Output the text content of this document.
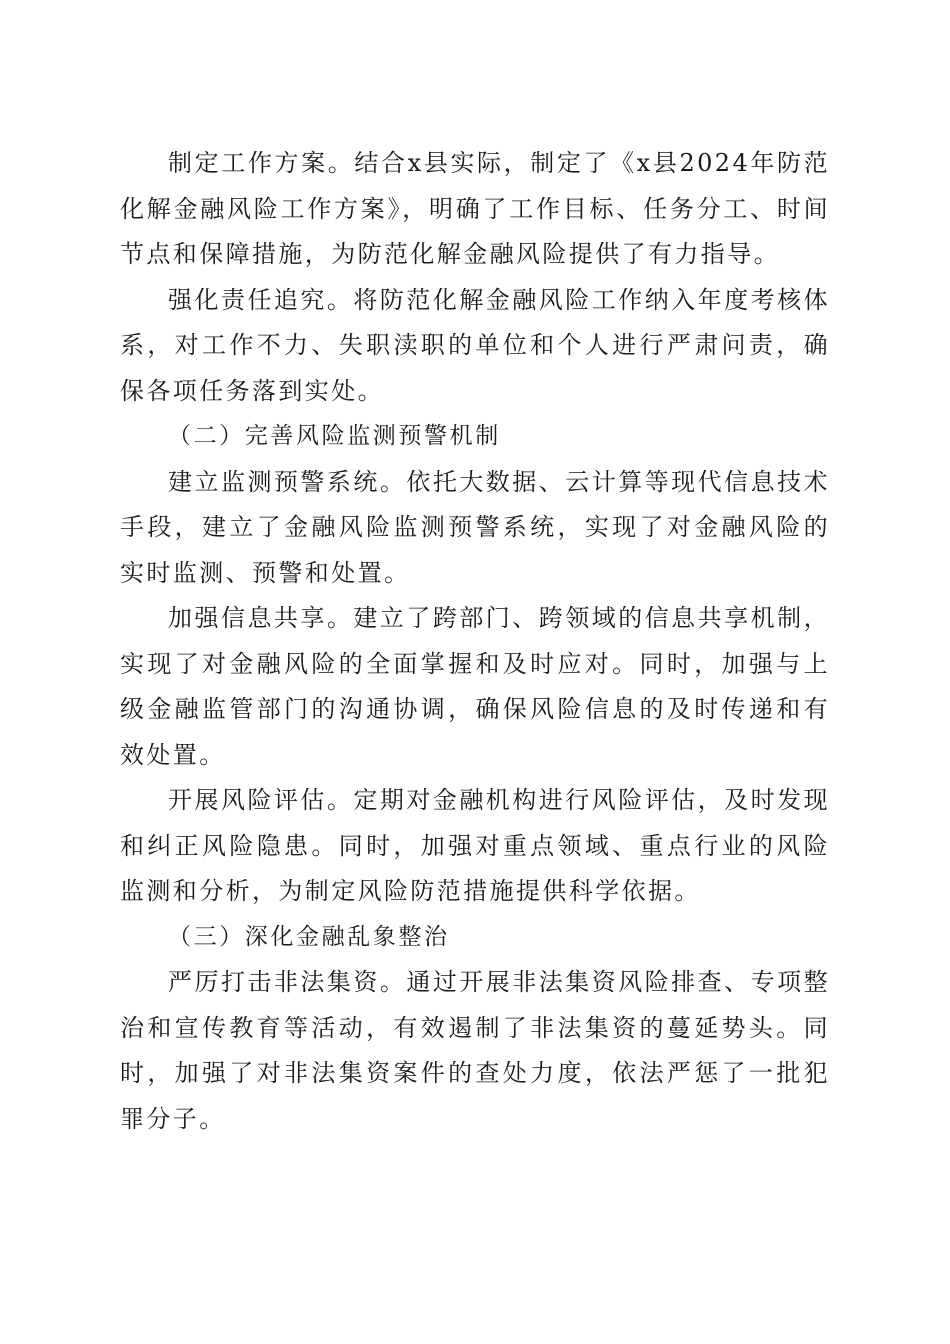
制定工作方案。结合x县实际，制定了《x县2024年防范化解金融风险工作方案》，明确了工作目标、任务分工、时间节点和保障措施，为防范化解金融风险提供了有力指导。

强化责任追究。将防范化解金融风险工作纳入年度考核体系，对工作不力、失职渎职的单位和个人进行严肃问责，确保各项任务落到实处。

（二）完善风险监测预警机制

建立监测预警系统。依托大数据、云计算等现代信息技术手段，建立了金融风险监测预警系统，实现了对金融风险的实时监测、预警和处置。

加强信息共享。建立了跨部门、跨领域的信息共享机制，实现了对金融风险的全面掌握和及时应对。同时，加强与上级金融监管部门的沟通协调，确保风险信息的及时传递和有效处置。

开展风险评估。定期对金融机构进行风险评估，及时发现和纠正风险隐患。同时，加强对重点领域、重点行业的风险监测和分析，为制定风险防范措施提供科学依据。

（三）深化金融乱象整治

严厉打击非法集资。通过开展非法集资风险排查、专项整治和宣传教育等活动，有效遏制了非法集资的蔓延势头。同时，加强了对非法集资案件的查处力度，依法严惩了一批犯罪分子。
